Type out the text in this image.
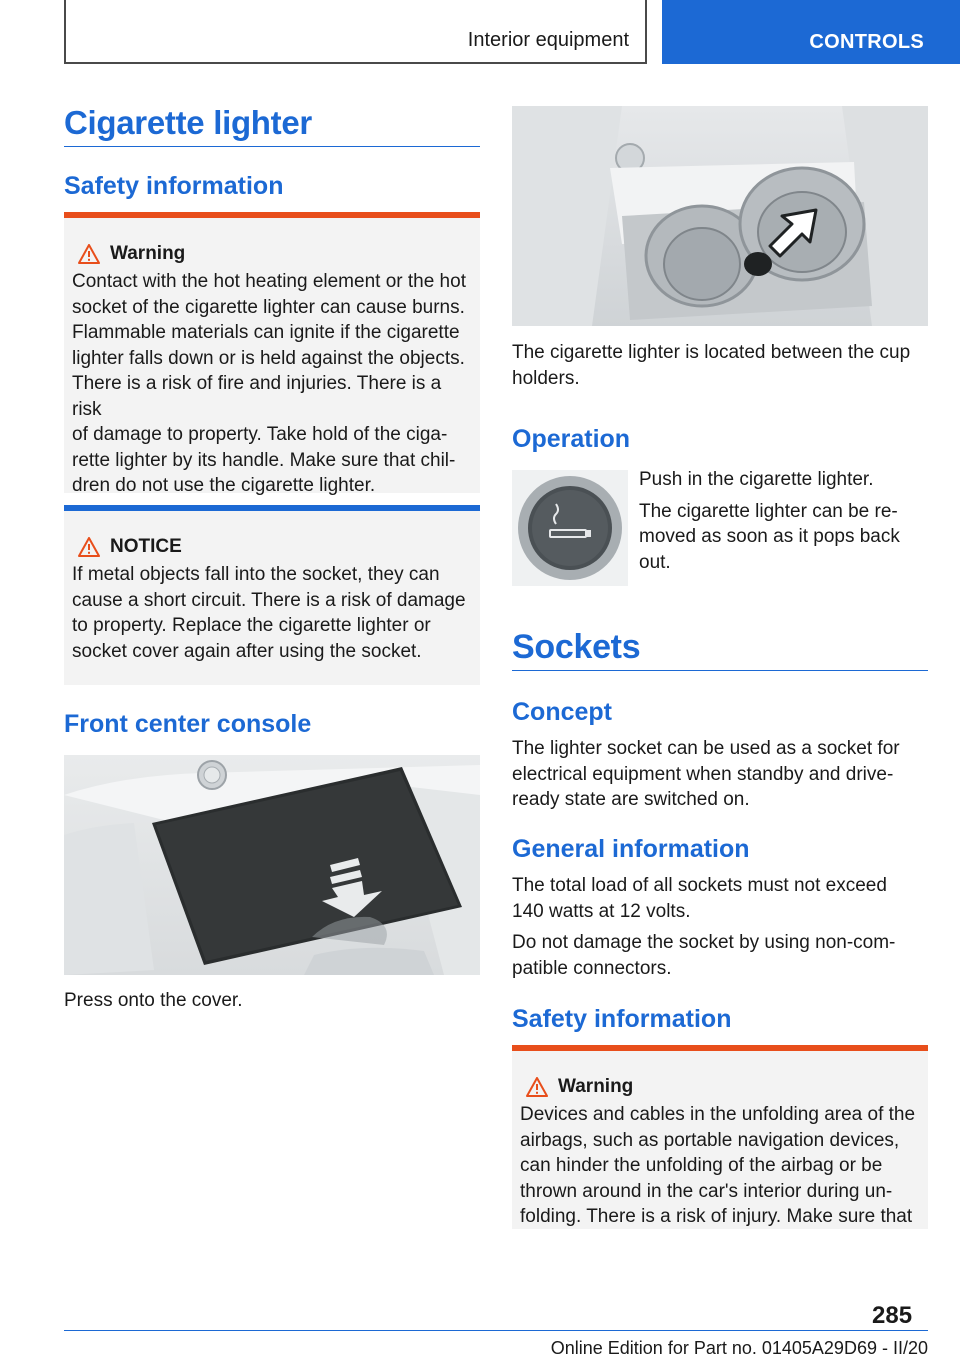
Interior equipment	CONTROLS
Cigarette lighter
Safety information
Warning
Contact with the hot heating element or the hot
socket of the cigarette lighter can cause burns.
Flammable materials can ignite if the cigarette
lighter falls down or is held against the objects.
There is a risk of fire and injuries. There is a risk
of damage to property. Take hold of the ciga‐
rette lighter by its handle. Make sure that chil‐
dren do not use the cigarette lighter.
NOTICE
If metal objects fall into the socket, they can
cause a short circuit. There is a risk of damage
to property. Replace the cigarette lighter or
socket cover again after using the socket.
Front center console
Press onto the cover.
The cigarette lighter is located between the cup
holders.
Operation
Push in the cigarette lighter.
The cigarette lighter can be re‐
moved as soon as it pops back
out.
Sockets
Concept
The lighter socket can be used as a socket for
electrical equipment when standby and drive-
ready state are switched on.
General information
The total load of all sockets must not exceed
140 watts at 12 volts.
Do not damage the socket by using non-com‐
patible connectors.
Safety information
Warning
Devices and cables in the unfolding area of the
airbags, such as portable navigation devices,
can hinder the unfolding of the airbag or be
thrown around in the car's interior during un‐
folding. There is a risk of injury. Make sure that
285
Online Edition for Part no. 01405A29D69 - II/20
